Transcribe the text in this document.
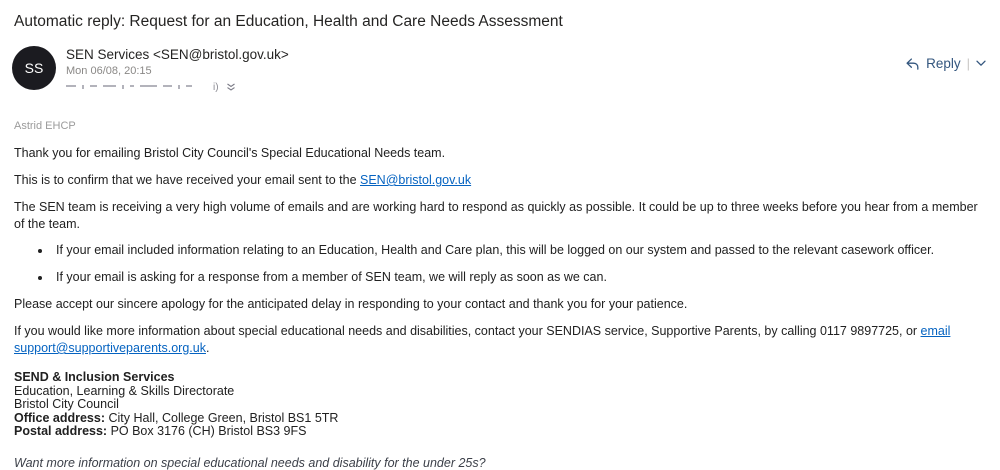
Automatic reply: Request for an Education, Health and Care Needs Assessment
SS
SEN Services <SEN@bristol.gov.uk>
Mon 06/08, 20:15
i)
Reply |
Astrid EHCP

Thank you for emailing Bristol City Council's Special Educational Needs team.

This is to confirm that we have received your email sent to the SEN@bristol.gov.uk

The SEN team is receiving a very high volume of emails and are working hard to respond as quickly as possible. It could be up to three weeks before you hear from a member of the team.

• If your email included information relating to an Education, Health and Care plan, this will be logged on our system and passed to the relevant casework officer.
• If your email is asking for a response from a member of SEN team, we will reply as soon as we can.

Please accept our sincere apology for the anticipated delay in responding to your contact and thank you for your patience.

If you would like more information about special educational needs and disabilities, contact your SENDIAS service, Supportive Parents, by calling 0117 9897725, or email support@supportiveparents.org.uk.

SEND & Inclusion Services
Education, Learning & Skills Directorate
Bristol City Council
Office address: City Hall, College Green, Bristol BS1 5TR
Postal address: PO Box 3176 (CH) Bristol BS3 9FS
Want more information on special educational needs and disability for the under 25s?
